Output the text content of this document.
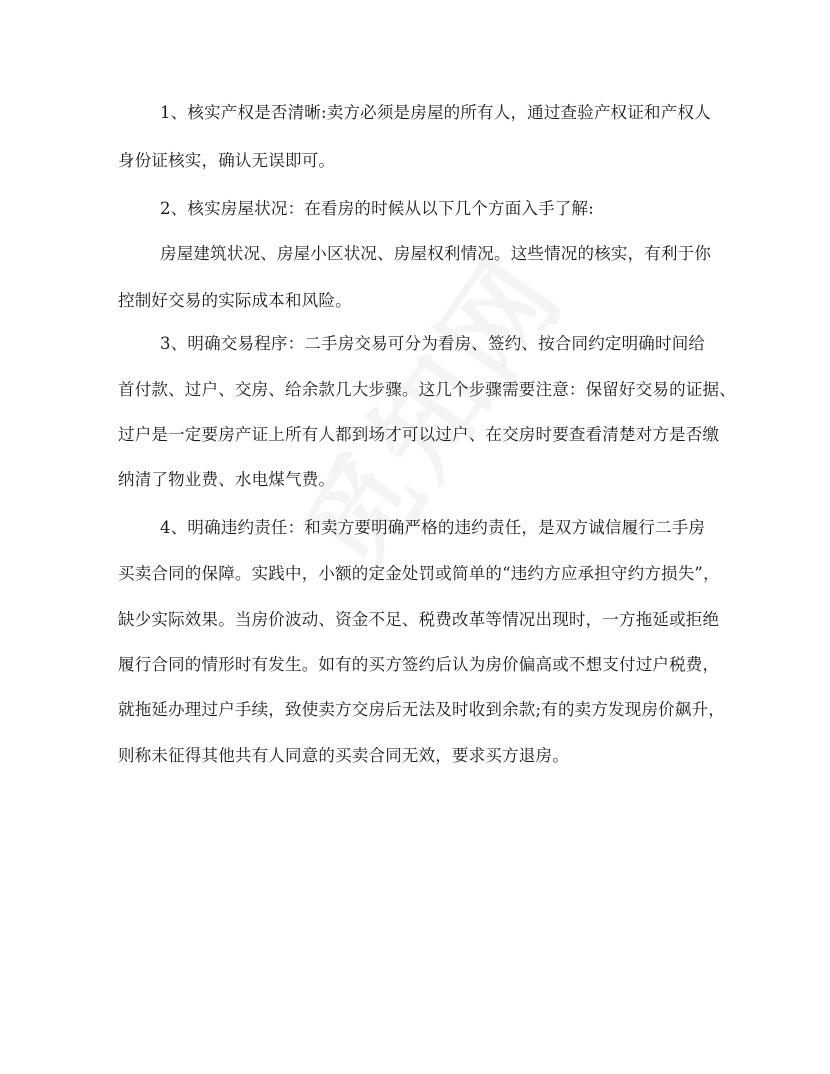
1、核实产权是否清晰:卖方必须是房屋的所有人，通过查验产权证和产权人
身份证核实，确认无误即可。
2、核实房屋状况：在看房的时候从以下几个方面入手了解:
房屋建筑状况、房屋小区状况、房屋权利情况。这些情况的核实，有利于你
控制好交易的实际成本和风险。
3、明确交易程序：二手房交易可分为看房、签约、按合同约定明确时间给
首付款、过户、交房、给余款几大步骤。这几个步骤需要注意：保留好交易的证据、
过户是一定要房产证上所有人都到场才可以过户、在交房时要查看清楚对方是否缴
纳清了物业费、水电煤气费。
4、明确违约责任：和卖方要明确严格的违约责任，是双方诚信履行二手房
买卖合同的保障。实践中，小额的定金处罚或简单的“违约方应承担守约方损失”，
缺少实际效果。当房价波动、资金不足、税费改革等情况出现时，一方拖延或拒绝
履行合同的情形时有发生。如有的买方签约后认为房价偏高或不想支付过户税费，
就拖延办理过户手续，致使卖方交房后无法及时收到余款;有的卖方发现房价飙升，
则称未征得其他共有人同意的买卖合同无效，要求买方退房。
